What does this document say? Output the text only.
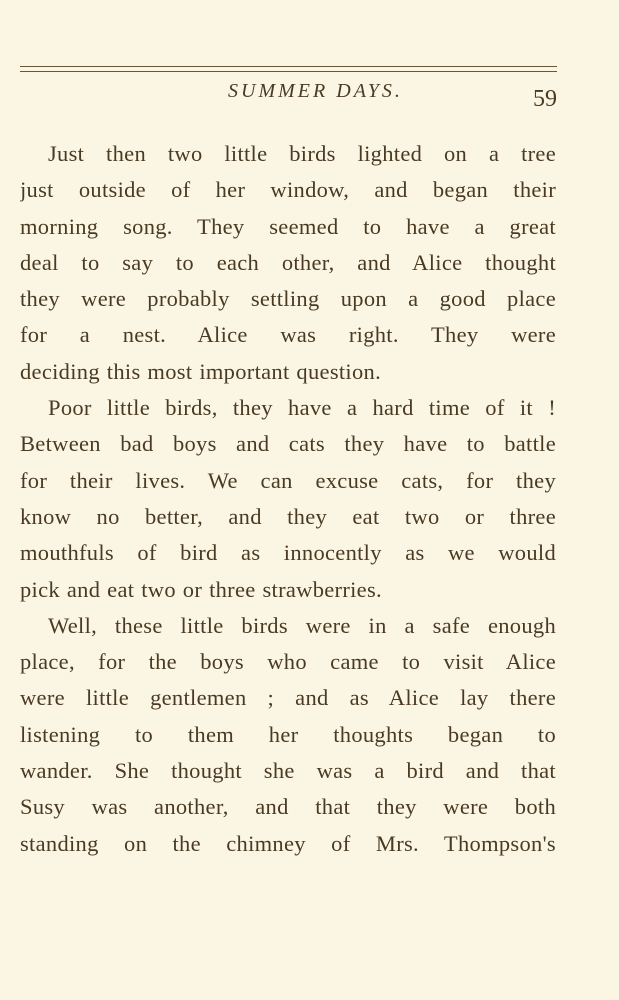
SUMMER DAYS.	59
Just then two little birds lighted on a tree
just outside of her window, and began their
morning song. They seemed to have a great
deal to say to each other, and Alice thought
they were probably settling upon a good place
for a nest. Alice was right. They were
deciding this most important question.
Poor little birds, they have a hard time of it !
Between bad boys and cats they have to battle
for their lives. We can excuse cats, for they
know no better, and they eat two or three
mouthfuls of bird as innocently as we would
pick and eat two or three strawberries.
Well, these little birds were in a safe enough
place, for the boys who came to visit Alice
were little gentlemen ; and as Alice lay there
listening to them her thoughts began to
wander. She thought she was a bird and that
Susy was another, and that they were both
standing on the chimney of Mrs. Thompson's
